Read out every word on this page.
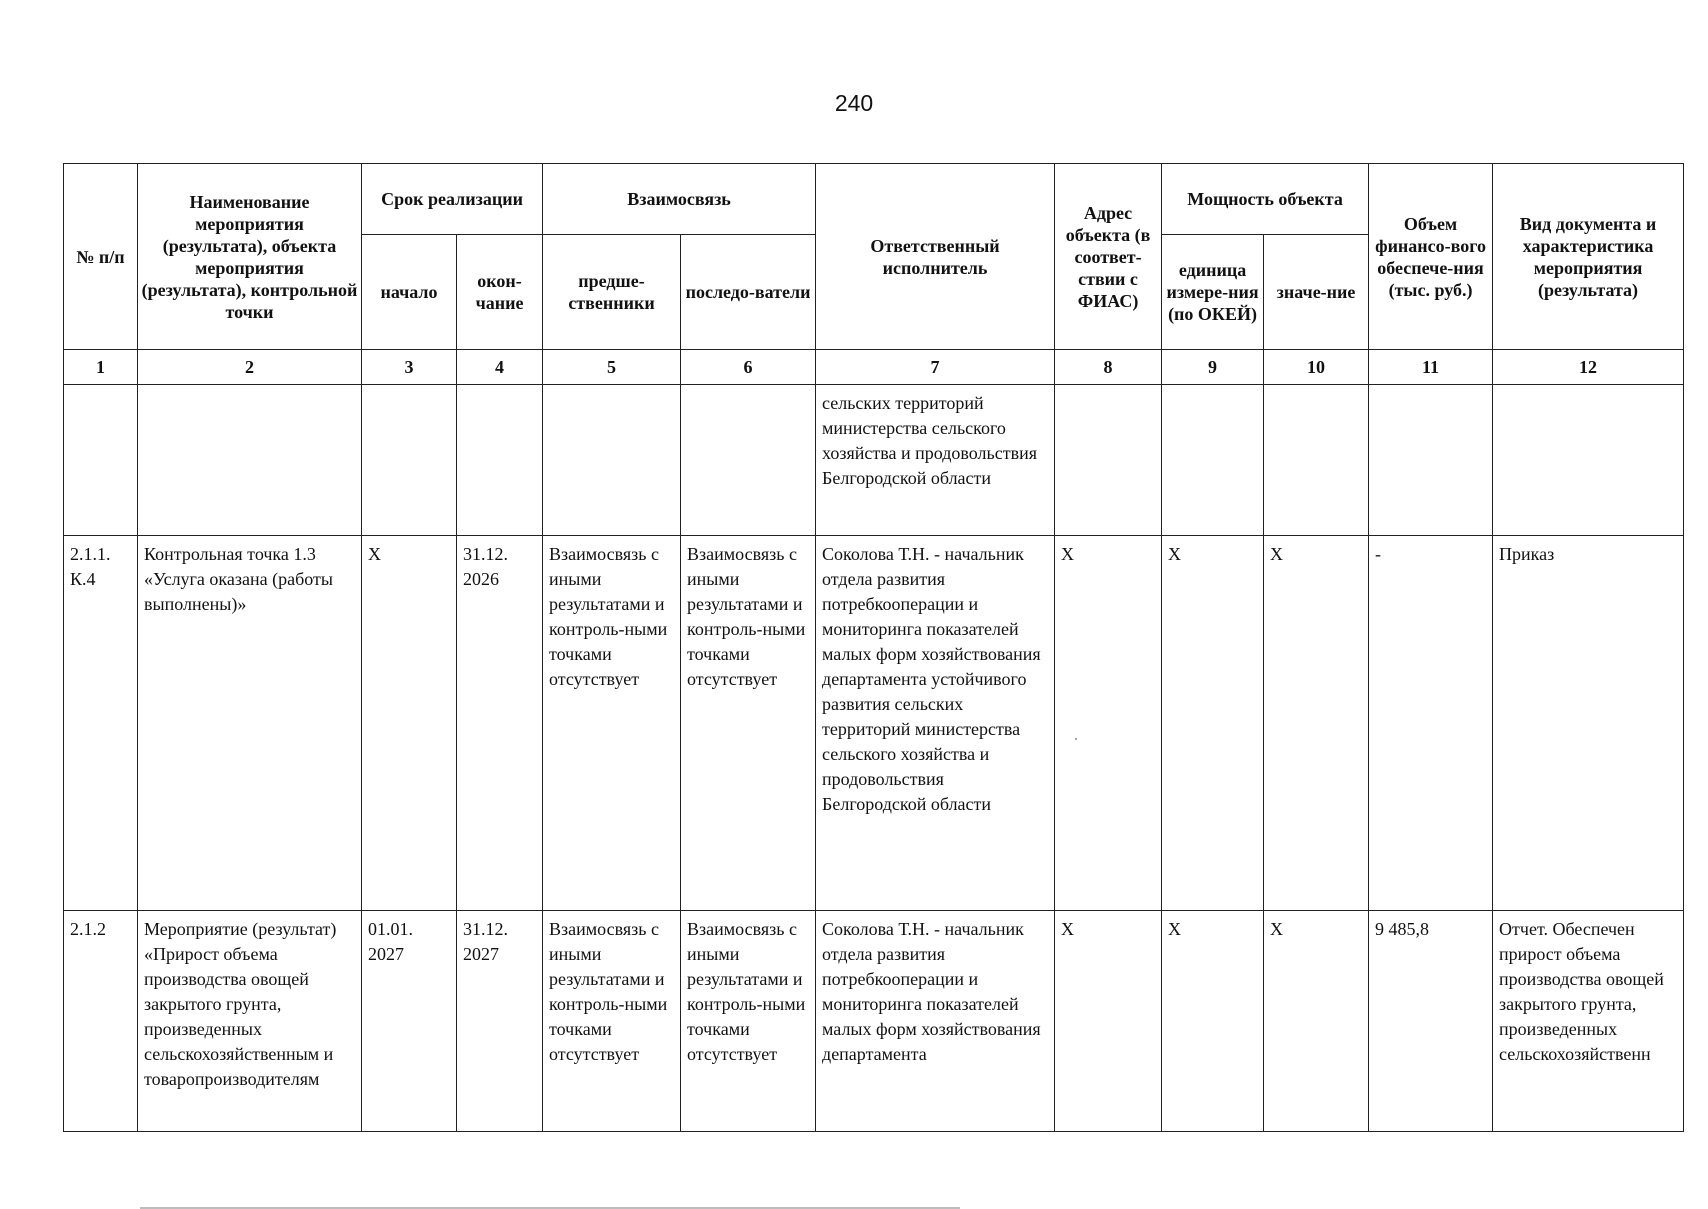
240
№ п/п	Наименование мероприятия (результата), объекта мероприятия (результата), контрольной точки	Срок реализации		Взаимосвязь		Ответственный исполнитель	Адрес объекта (в соответ-ствии с ФИАС)	Мощность объекта		Объем финансо-вого обеспече-ния (тыс. руб.)	Вид документа и характеристика мероприятия (результата)
		начало	окон-чание	предше-ственники	последо-ватели			единица измере-ния (по ОКЕЙ)	значе-ние		
1	2	3	4	5	6	7	8	9	10	11	12
						сельских территорий министерства сельского хозяйства и продовольствия Белгородской области					
2.1.1. К.4	Контрольная точка 1.3 «Услуга оказана (работы выполнены)»	X	31.12. 2026	Взаимосвязь с иными результатами и контроль-ными точками отсутствует	Взаимосвязь с иными результатами и контроль-ными точками отсутствует	Соколова Т.Н. - начальник отдела развития потребкооперации и мониторинга показателей малых форм хозяйствования департамента устойчивого развития сельских территорий министерства сельского хозяйства и продовольствия Белгородской области	X	X	X	-	Приказ
2.1.2	Мероприятие (результат) «Прирост объема производства овощей закрытого грунта, произведенных сельскохозяйственным и товаропроизводителям	01.01. 2027	31.12. 2027	Взаимосвязь с иными результатами и контроль-ными точками отсутствует	Взаимосвязь с иными результатами и контроль-ными точками отсутствует	Соколова Т.Н. - начальник отдела развития потребкооперации и мониторинга показателей малых форм хозяйствования департамента	X	X	X	9 485,8	Отчет. Обеспечен прирост объема производства овощей закрытого грунта, произведенных сельскохозяйственн
